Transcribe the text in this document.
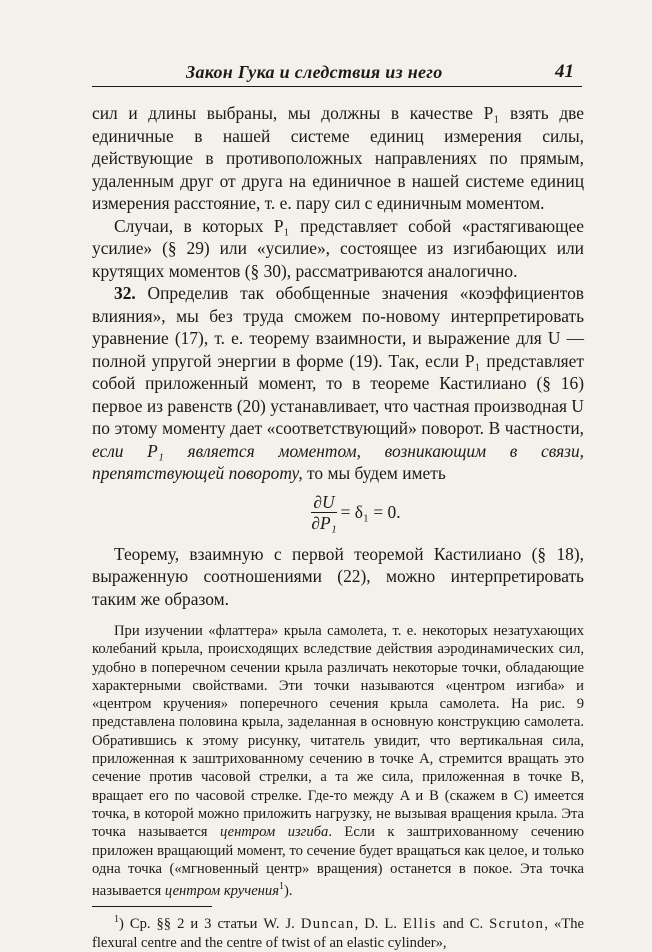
Закон Гука и следствия из него	41

сил и длины выбраны, мы должны в качестве P₁ взять две единичные в нашей системе единиц измерения силы, действующие в противоположных направлениях по прямым, удаленным друг от друга на единичное в нашей системе единиц измерения расстояние, т. е. пару сил с единичным моментом.

Случаи, в которых P₁ представляет собой «растягивающее усилие» (§ 29) или «усилие», состоящее из изгибающих или крутящих моментов (§ 30), рассматриваются аналогично.

32. Определив так обобщенные значения «коэффициентов влияния», мы без труда сможем по-новому интерпретировать уравнение (17), т. е. теорему взаимности, и выражение для U — полной упругой энергии в форме (19). Так, если P₁ представляет собой приложенный момент, то в теореме Кастилиано (§ 16) первое из равенств (20) устанавливает, что частная производная U по этому моменту дает «соответствующий» поворот. В частности, если P₁ является моментом, возникающим в связи, препятствующей повороту, то мы будем иметь

$\frac{\partial U}{\text{∂P₁}} = \delta_1 = 0$.

Теорему, взаимную с первой теоремой Кастилиано (§ 18), выраженную соотношениями (22), можно интерпретировать таким же образом.

При изучении «флаттера» крыла самолета, т. е. некоторых незатухающих колебаний крыла, происходящих вследствие действия аэродинамических сил, удобно в поперечном сечении крыла различать некоторые точки, обладающие характерными свойствами. Эти точки называются «центром изгиба» и «центром кручения» поперечного сечения крыла самолета. На рис. 9 представлена половина крыла, заделанная в основную конструкцию самолета. Обратившись к этому рисунку, читатель увидит, что вертикальная сила, приложенная к заштрихованному сечению в точке A, стремится вращать это сечение против часовой стрелки, а та же сила, приложенная в точке B, вращает его по часовой стрелке. Где-то между A и B (скажем в C) имеется точка, в которой можно приложить нагрузку, не вызывая вращения крыла. Эта точка называется центром изгиба. Если к заштрихованному сечению приложен вращающий момент, то сечение будет вращаться как целое, и только одна точка («мгновенный центр» вращения) останется в покое. Эта точка называется центром кручения$^1$).

$^1$) Ср. §§ 2 и 3 статьи W. J. Duncan, D. L. Ellis and C. Scruton, «The flexural centre and the centre of twist of an elastic cylinder»,
